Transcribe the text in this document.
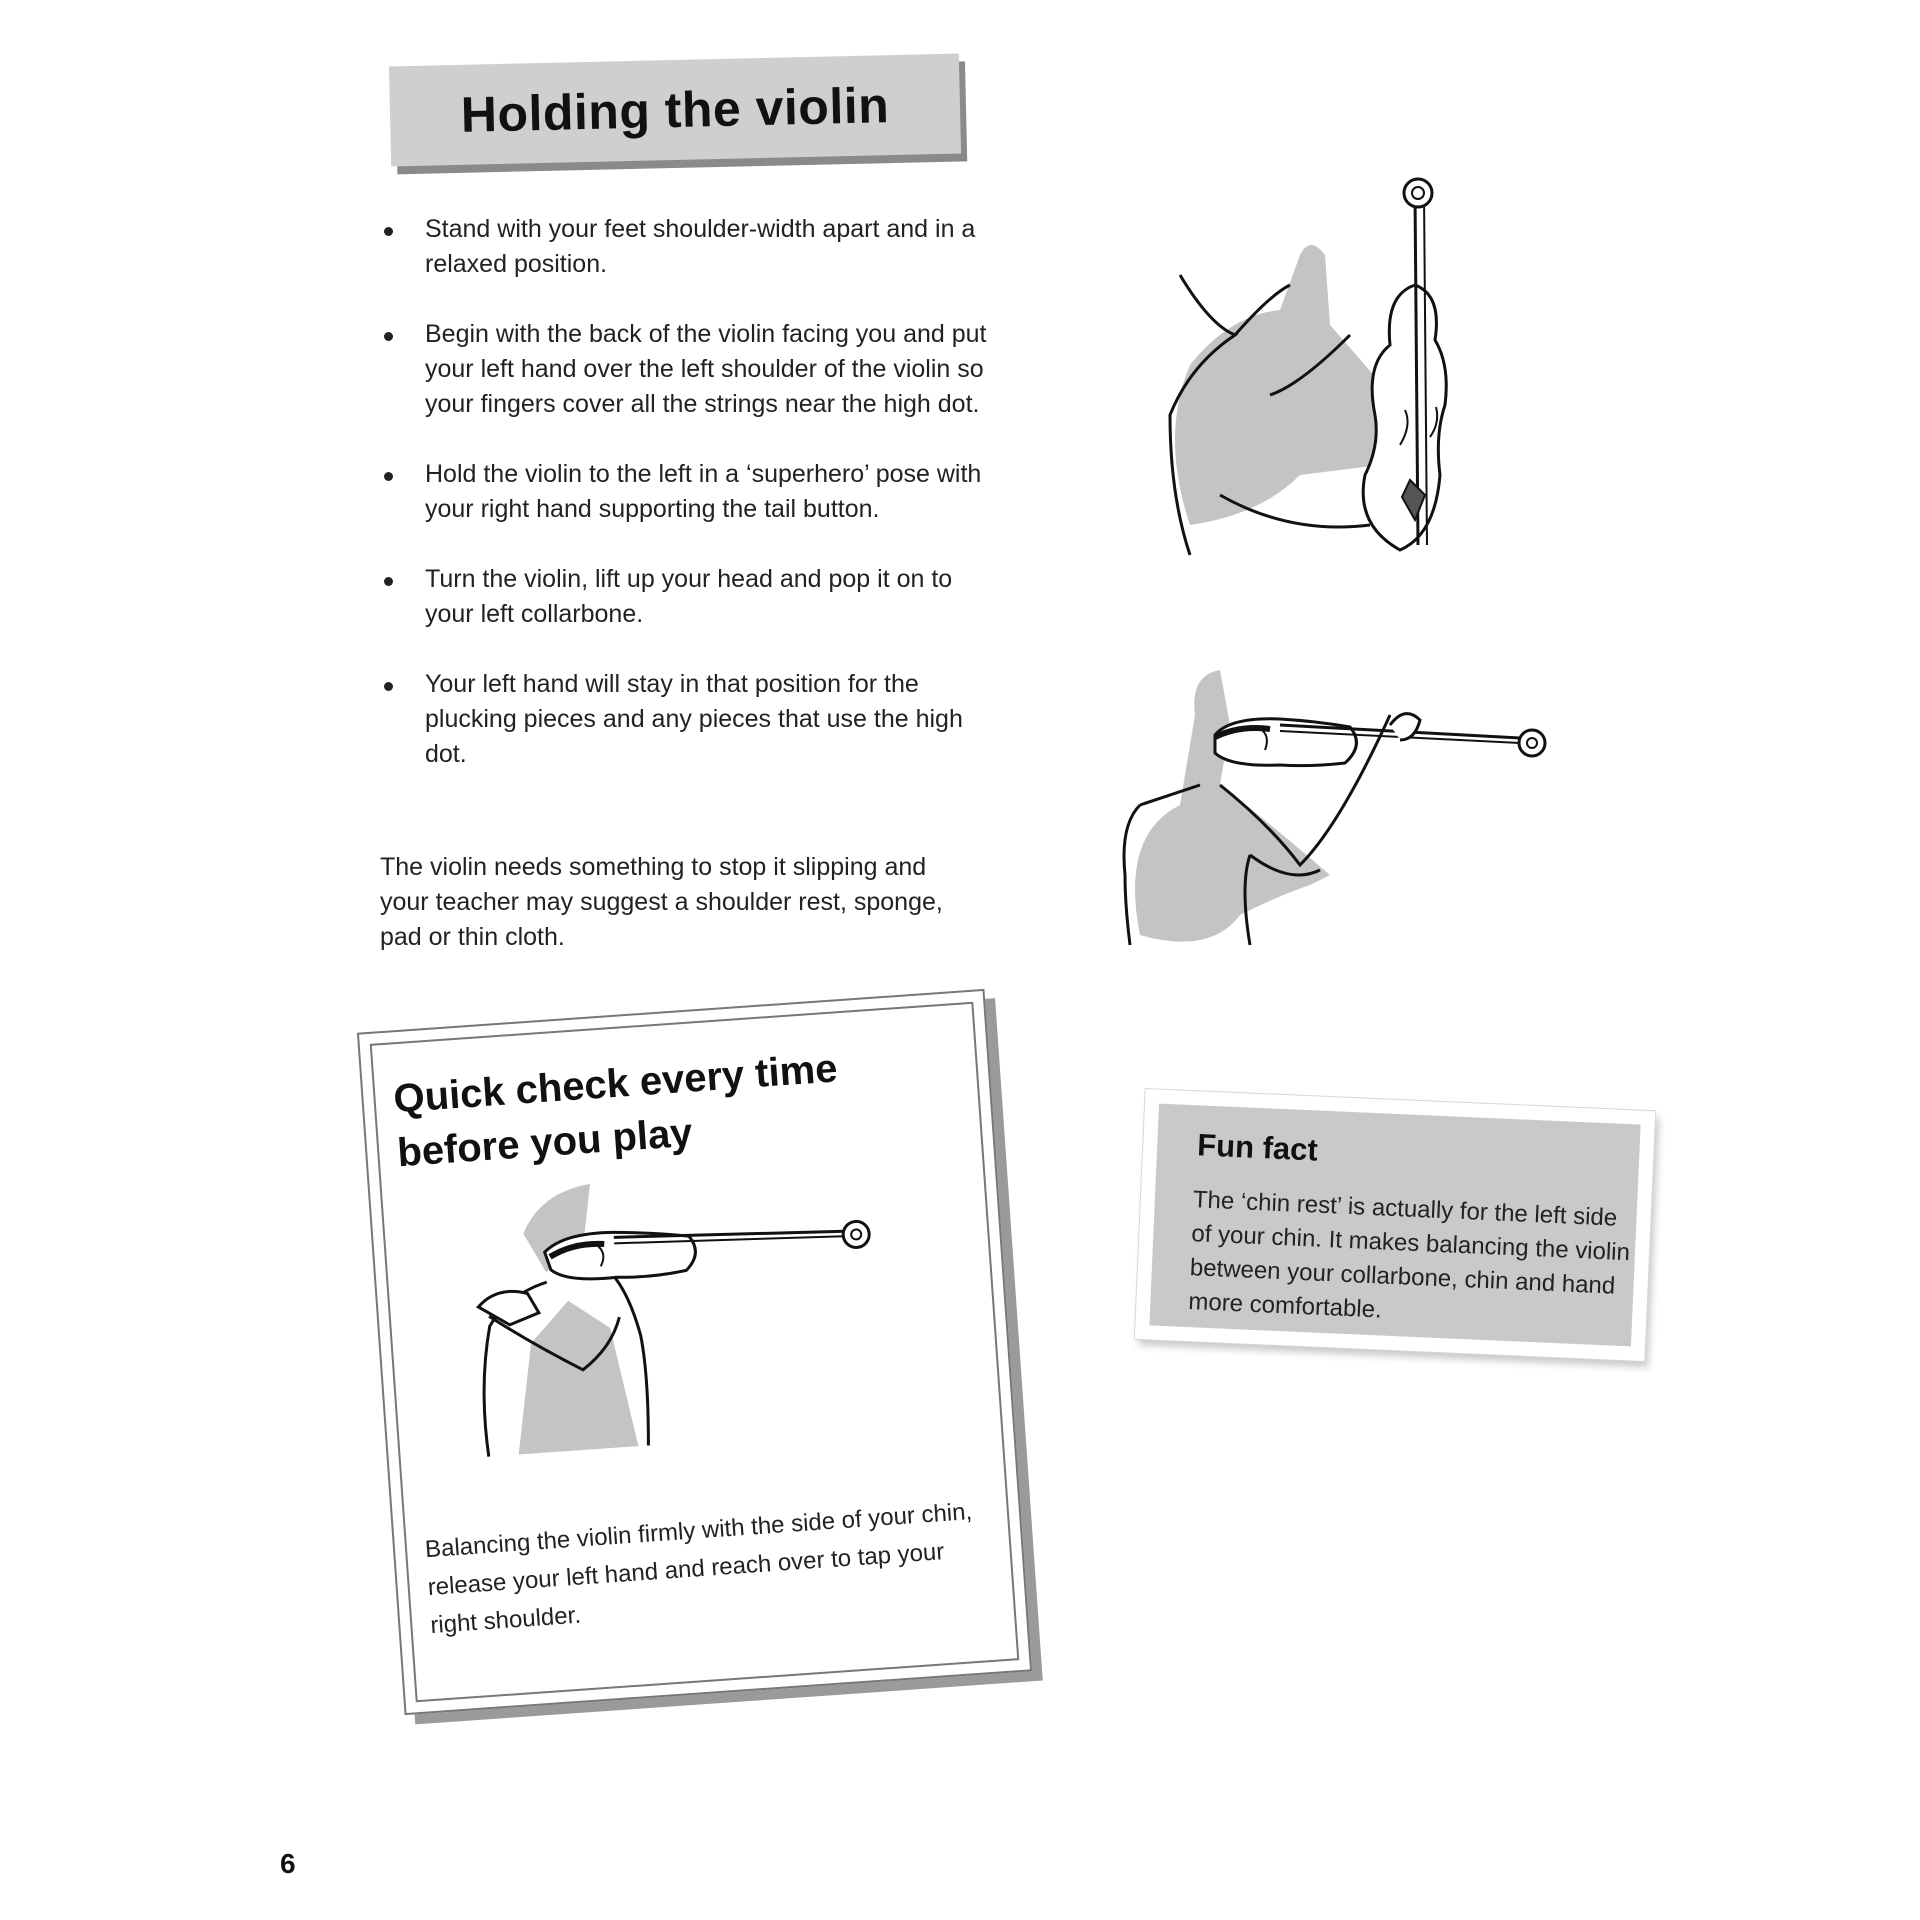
Holding the violin
Stand with your feet shoulder-width apart and in a relaxed position.
Begin with the back of the violin facing you and put your left hand over the left shoulder of the violin so your fingers cover all the strings near the high dot.
Hold the violin to the left in a ‘superhero’ pose with your right hand supporting the tail button.
Turn the violin, lift up your head and pop it on to your left collarbone.
Your left hand will stay in that position for the plucking pieces and any pieces that use the high dot.

The violin needs something to stop it slipping and your teacher may suggest a shoulder rest, sponge, pad or thin cloth.

Quick check every time before you play

Balancing the violin firmly with the side of your chin, release your left hand and reach over to tap your right shoulder.

Fun fact

The ‘chin rest’ is actually for the left side of your chin. It makes balancing the violin between your collarbone, chin and hand more comfortable.

6
